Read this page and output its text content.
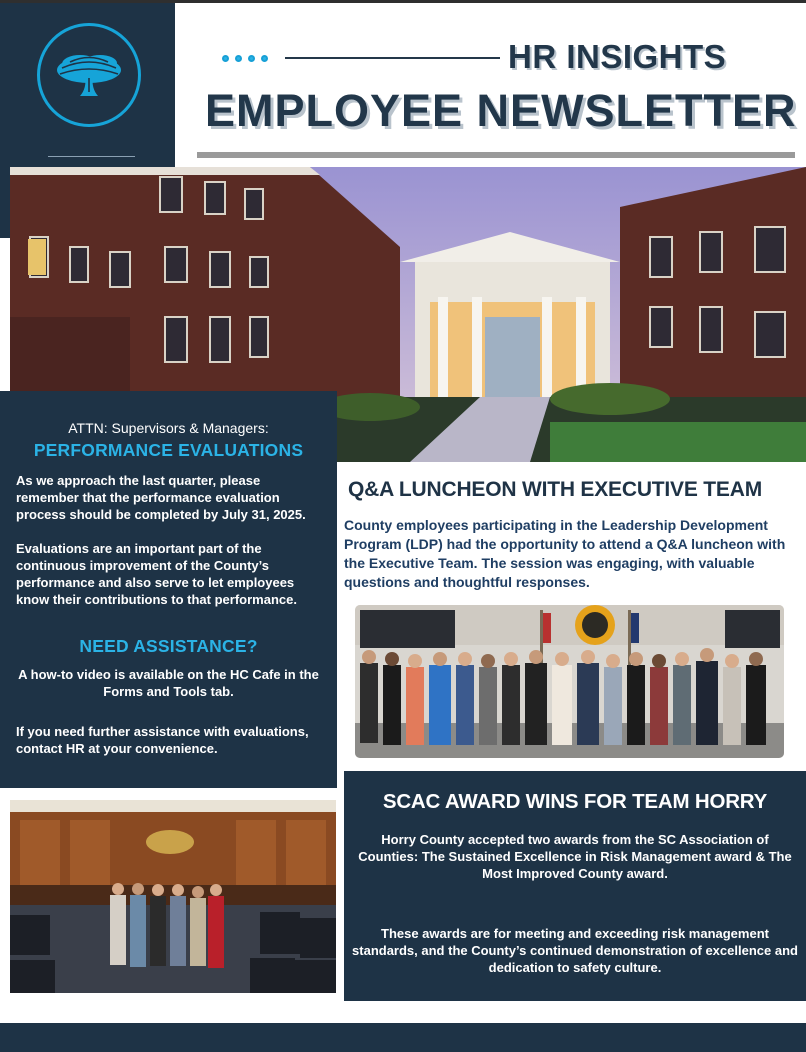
HR INSIGHTS
EMPLOYEE NEWSLETTER
ATTN: Supervisors & Managers:
PERFORMANCE EVALUATIONS
As we approach the last quarter, please remember that the performance evaluation process should be completed by July 31, 2025.
Evaluations are an important part of the continuous improvement of the County’s performance and also serve to let employees know their contributions to that performance.
NEED ASSISTANCE?
A how-to video is available on the HC Cafe in the Forms and Tools tab.
If you need further assistance with evaluations, contact HR at your convenience.
Q&A LUNCHEON WITH EXECUTIVE TEAM
County employees participating in the Leadership Development Program (LDP) had the opportunity to attend a Q&A luncheon with the Executive Team. The session was engaging, with valuable questions and thoughtful responses.
SCAC AWARD WINS FOR TEAM HORRY
Horry County accepted two awards from the SC Association of Counties: The Sustained Excellence in Risk Management award & The Most Improved County award.
These awards are for meeting and exceeding risk management standards, and the County’s continued demonstration of excellence and dedication to safety culture.
